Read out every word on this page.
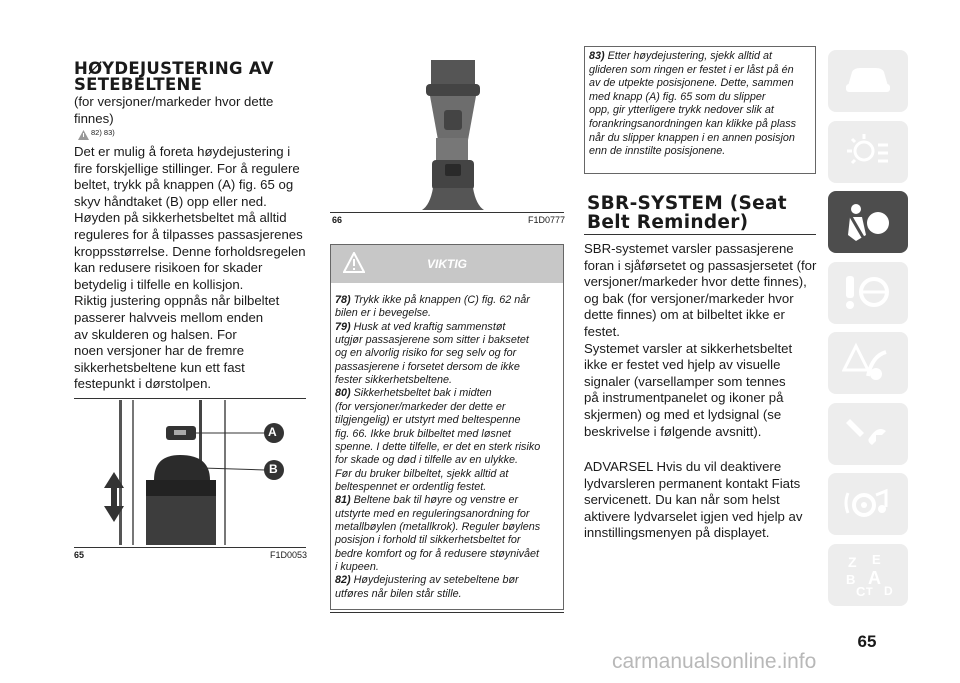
HØYDEJUSTERING AV
SETEBELTENE

(for versjoner/markeder hvor dette

finnes)

82) 83)

Det er mulig å foreta høydejustering i

fire forskjellige stillinger. For å regulere

beltet, trykk på knappen (A) fig. 65 og

skyv håndtaket (B) opp eller ned.

Høyden på sikkerhetsbeltet må alltid

reguleres for å tilpasses passasjerenes

kroppsstørrelse. Denne forholdsregelen

kan redusere risikoen for skader

betydelig i tilfelle en kollisjon.

Riktig justering oppnås når bilbeltet

passerer halvveis mellom enden

av skulderen og halsen. For

noen versjoner har de fremre

sikkerhetsbeltene kun ett fast

festepunkt i dørstolpen.

A
B
65	F1D0053
66	F1D0777
VIKTIG
78) Trykk ikke på knappen (C) fig. 62 når
bilen er i bevegelse.
79) Husk at ved kraftig sammenstøt
utgjør passasjerene som sitter i baksetet
og en alvorlig risiko for seg selv og for
passasjerene i forsetet dersom de ikke
fester sikkerhetsbeltene.
80) Sikkerhetsbeltet bak i midten
(for versjoner/markeder der dette er
tilgjengelig) er utstyrt med beltespenne
fig. 66. Ikke bruk bilbeltet med løsnet
spenne. I dette tilfelle, er det en sterk risiko
for skade og død i tilfelle av en ulykke.
Før du bruker bilbeltet, sjekk alltid at
beltespennet er ordentlig festet.
81) Beltene bak til høyre og venstre er
utstyrte med en reguleringsanordning for
metallbøylen (metallkrok). Reguler bøylens
posisjon i forhold til sikkerhetsbeltet for
bedre komfort og for å redusere støynivået
i kupeen.
82) Høydejustering av setebeltene bør
utføres når bilen står stille.
83) Etter høydejustering, sjekk alltid at
glideren som ringen er festet i er låst på én
av de utpekte posisjonene. Dette, sammen
med knapp (A) fig. 65 som du slipper
opp, gir ytterligere trykk nedover slik at
forankringsanordningen kan klikke på plass
når du slipper knappen i en annen posisjon
enn de innstilte posisjonene.
SBR-SYSTEM (Seat
Belt Reminder)

SBR-systemet varsler passasjerene

foran i sjåførsetet og passasjersetet (for

versjoner/markeder hvor dette finnes),

og bak (for versjoner/markeder hvor

dette finnes) om at bilbeltet ikke er

festet.

Systemet varsler at sikkerhetsbeltet

ikke er festet ved hjelp av visuelle

signaler (varsellamper som tennes

på instrumentpanelet og ikoner på

skjermen) og med et lydsignal (se

beskrivelse i følgende avsnitt).

ADVARSEL Hvis du vil deaktivere

lydvarsleren permanent kontakt Fiats

servicenett. Du kan når som helst

aktivere lydvarselet igjen ved hjelp av

innstillingsmenyen på displayet.

Z E
B A
C T D
65
carmanualsonline.info
